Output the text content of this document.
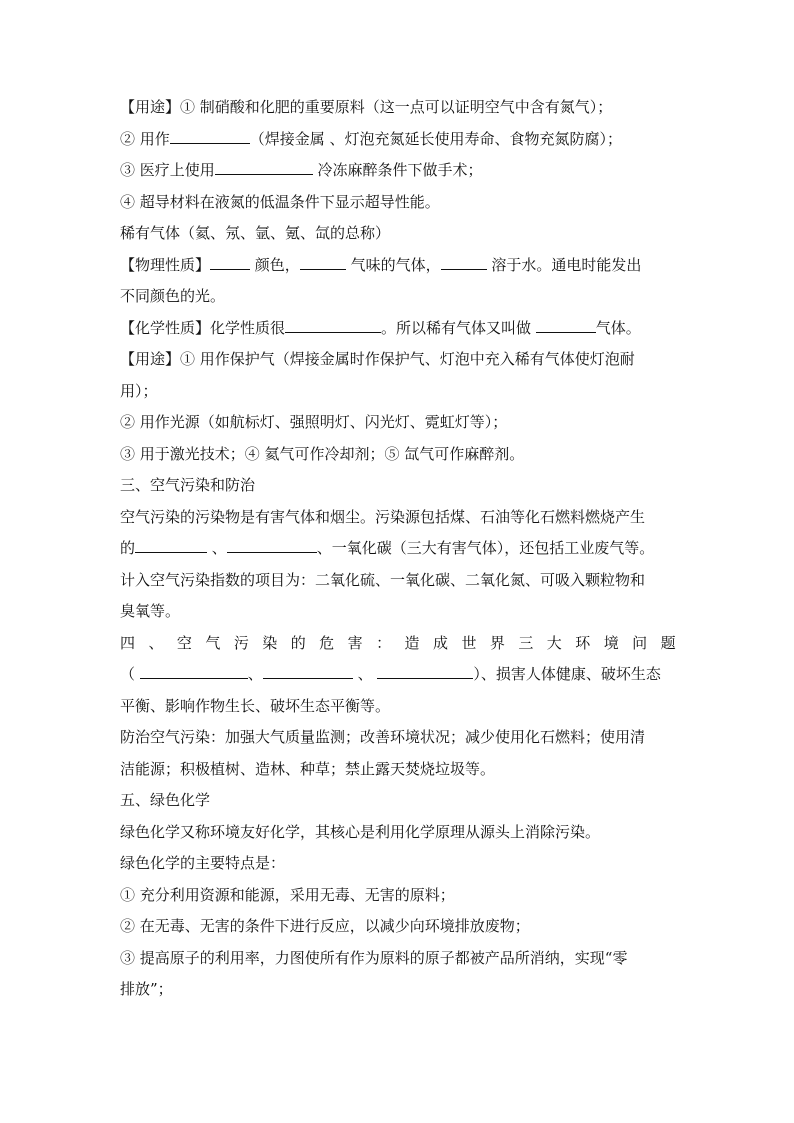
【用途】① 制硝酸和化肥的重要原料（这一点可以证明空气中含有氮气）；
② 用作	（焊接金属 、灯泡充氮延长使用寿命、食物充氮防腐）；
③ 医疗上使用	冷冻麻醉条件下做手术；
④ 超导材料在液氮的低温条件下显示超导性能。
稀有气体（氦、氖、氩、氪、氙的总称）
【物理性质】	颜色，	气味的气体，	溶于水。通电时能发出
不同颜色的光。
【化学性质】化学性质很	。所以稀有气体又叫做	气体。
【用途】① 用作保护气（焊接金属时作保护气、灯泡中充入稀有气体使灯泡耐
用）；
② 用作光源（如航标灯、强照明灯、闪光灯、霓虹灯等）；
③ 用于激光技术；④ 氦气可作冷却剂；⑤ 氙气可作麻醉剂。
三、空气污染和防治
空气污染的污染物是有害气体和烟尘。污染源包括煤、石油等化石燃料燃烧产生
的	、	、一氧化碳（三大有害气体），还包括工业废气等。
计入空气污染指数的项目为：二氧化硫、一氧化碳、二氧化氮、可吸入颗粒物和
臭氧等。
四 、 空 气 污 染 的 危 害 ： 造 成 世 界 三 大 环 境 问 题
（	、	、	）、损害人体健康、破坏生态
平衡、影响作物生长、破坏生态平衡等。
防治空气污染：加强大气质量监测；改善环境状况；减少使用化石燃料；使用清
洁能源；积极植树、造林、种草；禁止露天焚烧垃圾等。
五、绿色化学
绿色化学又称环境友好化学，其核心是利用化学原理从源头上消除污染。
绿色化学的主要特点是：
① 充分利用资源和能源，采用无毒、无害的原料；
② 在无毒、无害的条件下进行反应，以减少向环境排放废物；
③ 提高原子的利用率，力图使所有作为原料的原子都被产品所消纳，实现“零
排放”；
